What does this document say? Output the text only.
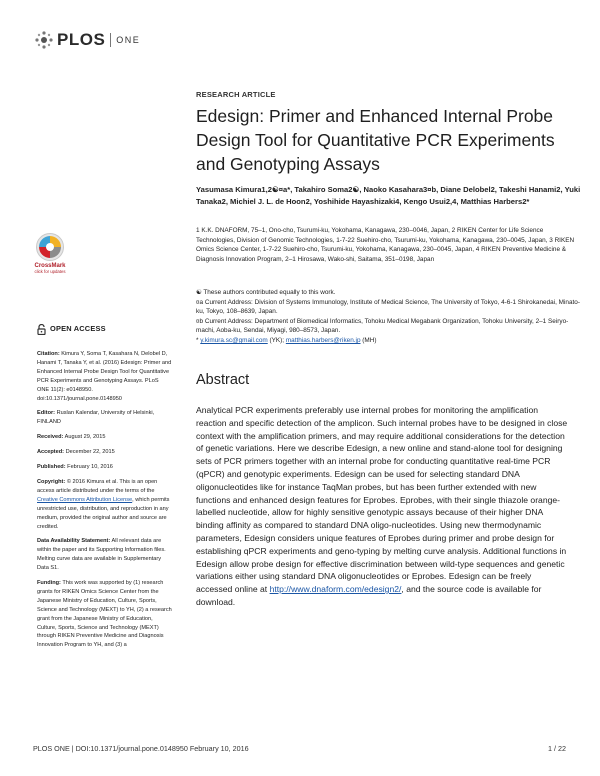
PLOS ONE
RESEARCH ARTICLE
Edesign: Primer and Enhanced Internal Probe Design Tool for Quantitative PCR Experiments and Genotyping Assays
Yasumasa Kimura1,2☯¤a*, Takahiro Soma2☯, Naoko Kasahara3¤b, Diane Delobel2, Takeshi Hanami2, Yuki Tanaka2, Michiel J. L. de Hoon2, Yoshihide Hayashizaki4, Kengo Usui2,4, Matthias Harbers2*
1 K.K. DNAFORM, 75–1, Ono-cho, Tsurumi-ku, Yokohama, Kanagawa, 230–0046, Japan, 2 RIKEN Center for Life Science Technologies, Division of Genomic Technologies, 1-7-22 Suehiro-cho, Tsurumi-ku, Yokohama, Kanagawa, 230–0045, Japan, 3 RIKEN Omics Science Center, 1-7-22 Suehiro-cho, Tsurumi-ku, Yokohama, Kanagawa, 230–0045, Japan, 4 RIKEN Preventive Medicine & Diagnosis Innovation Program, 2–1 Hirosawa, Wako-shi, Saitama, 351–0198, Japan
☯ These authors contributed equally to this work.
¤a Current Address: Division of Systems Immunology, Institute of Medical Science, The University of Tokyo, 4-6-1 Shirokanedai, Minato-ku, Tokyo, 108–8639, Japan.
¤b Current Address: Department of Biomedical Informatics, Tohoku Medical Megabank Organization, Tohoku University, 2–1 Seiryo-machi, Aoba-ku, Sendai, Miyagi, 980–8573, Japan.
* y.kimura.sc@gmail.com (YK); matthias.harbers@riken.jp (MH)
Abstract
Analytical PCR experiments preferably use internal probes for monitoring the amplification reaction and specific detection of the amplicon. Such internal probes have to be designed in close context with the amplification primers, and may require additional considerations for the detection of genetic variations. Here we describe Edesign, a new online and stand-alone tool for designing sets of PCR primers together with an internal probe for conducting quantitative real-time PCR (qPCR) and genotypic experiments. Edesign can be used for selecting standard DNA oligonucleotides like for instance TaqMan probes, but has been further extended with new functions and enhanced design features for Eprobes. Eprobes, with their single thiazole orange-labelled nucleotide, allow for highly sensitive genotypic assays because of their higher DNA binding affinity as compared to standard DNA oligo-nucleotides. Using new thermodynamic parameters, Edesign considers unique features of Eprobes during primer and probe design for establishing qPCR experiments and geno-typing by melting curve analysis. Additional functions in Edesign allow probe design for effective discrimination between wild-type sequences and genetic variations either using standard DNA oligonucleotides or Eprobes. Edesign can be freely accessed online at http://www.dnaform.com/edesign2/, and the source code is available for download.
CrossMark
click for updates
OPEN ACCESS
Citation: Kimura Y, Soma T, Kasahara N, Delobel D, Hanami T, Tanaka Y, et al. (2016) Edesign: Primer and Enhanced Internal Probe Design Tool for Quantitative PCR Experiments and Genotyping Assays. PLoS ONE 11(2): e0148950. doi:10.1371/journal.pone.0148950
Editor: Ruslan Kalendar, University of Helsinki, FINLAND
Received: August 29, 2015
Accepted: December 22, 2015
Published: February 10, 2016
Copyright: © 2016 Kimura et al. This is an open access article distributed under the terms of the Creative Commons Attribution License, which permits unrestricted use, distribution, and reproduction in any medium, provided the original author and source are credited.
Data Availability Statement: All relevant data are within the paper and its Supporting Information files. Melting curve data are available in Supplementary Data S1.
Funding: This work was supported by (1) research grants for RIKEN Omics Science Center from the Japanese Ministry of Education, Culture, Sports, Science and Technology (MEXT) to YH, (2) a research grant from the Japanese Ministry of Education, Culture, Sports, Science and Technology (MEXT) through RIKEN Preventive Medicine and Diagnosis Innovation Program to YH, and (3) a
PLOS ONE | DOI:10.1371/journal.pone.0148950 February 10, 2016	1 / 22
